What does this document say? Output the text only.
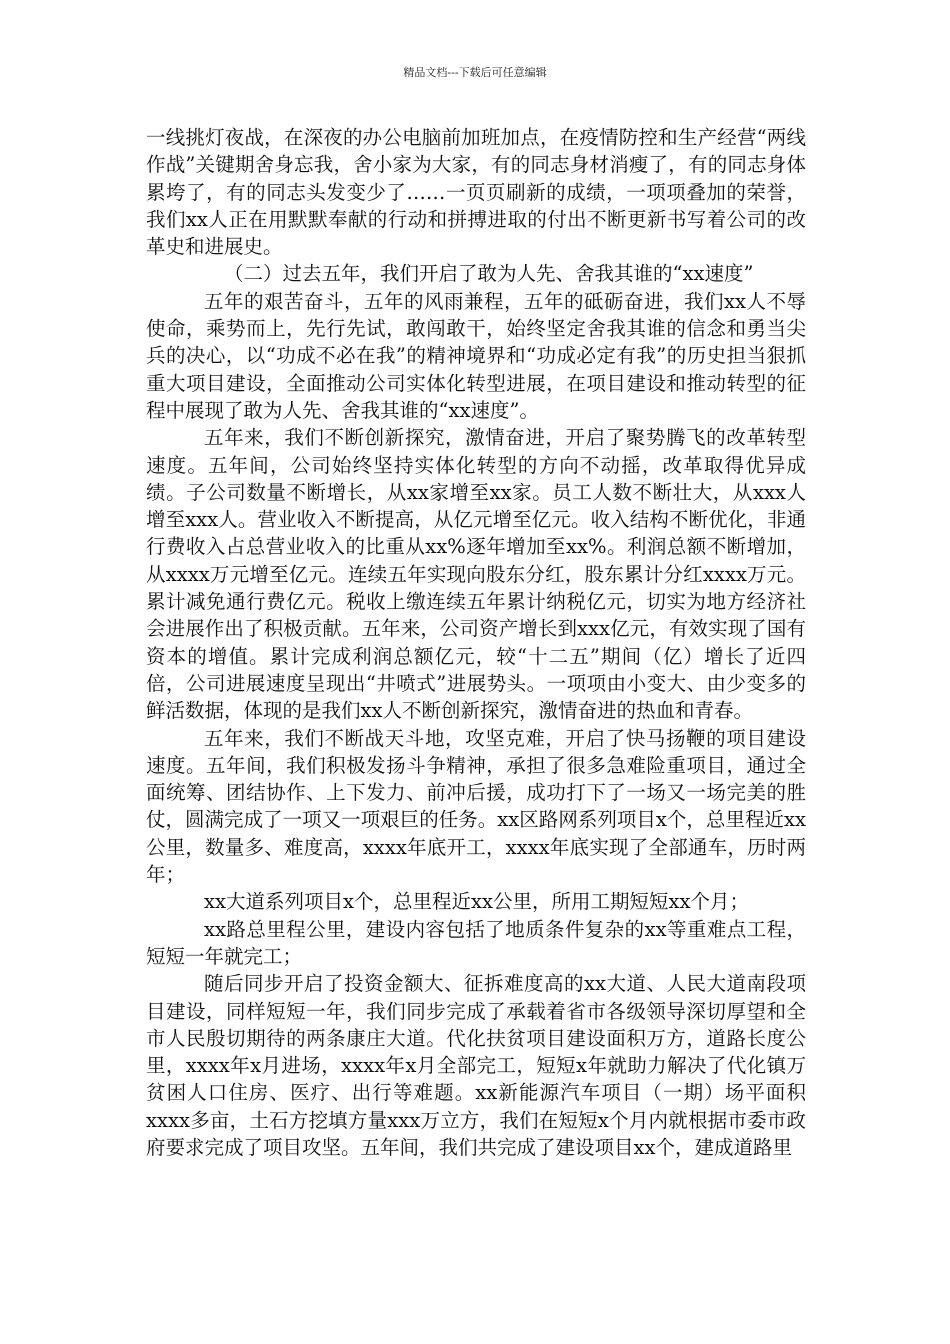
精品文档---下载后可任意编辑

一线挑灯夜战，在深夜的办公电脑前加班加点，在疫情防控和生产经营“两线作战”关键期舍身忘我，舍小家为大家，有的同志身材消瘦了，有的同志身体累垮了，有的同志头发变少了……一页页刷新的成绩，一项项叠加的荣誉，我们xx人正在用默默奉献的行动和拼搏进取的付出不断更新书写着公司的改革史和进展史。

（二）过去五年，我们开启了敢为人先、舍我其谁的“xx速度”

五年的艰苦奋斗，五年的风雨兼程，五年的砥砺奋进，我们xx人不辱使命，乘势而上，先行先试，敢闯敢干，始终坚定舍我其谁的信念和勇当尖兵的决心，以“功成不必在我”的精神境界和“功成必定有我”的历史担当狠抓重大项目建设，全面推动公司实体化转型进展，在项目建设和推动转型的征程中展现了敢为人先、舍我其谁的“xx速度”。

五年来，我们不断创新探究，激情奋进，开启了聚势腾飞的改革转型速度。五年间，公司始终坚持实体化转型的方向不动摇，改革取得优异成绩。子公司数量不断增长，从xx家增至xx家。员工人数不断壮大，从xxx人增至xxx人。营业收入不断提高，从亿元增至亿元。收入结构不断优化，非通行费收入占总营业收入的比重从xx%逐年增加至xx%。利润总额不断增加，从xxxx万元增至亿元。连续五年实现向股东分红，股东累计分红xxxx万元。累计减免通行费亿元。税收上缴连续五年累计纳税亿元，切实为地方经济社会进展作出了积极贡献。五年来，公司资产增长到xxx亿元，有效实现了国有资本的增值。累计完成利润总额亿元，较“十二五”期间（亿）增长了近四倍，公司进展速度呈现出“井喷式”进展势头。一项项由小变大、由少变多的鲜活数据，体现的是我们xx人不断创新探究，激情奋进的热血和青春。

五年来，我们不断战天斗地，攻坚克难，开启了快马扬鞭的项目建设速度。五年间，我们积极发扬斗争精神，承担了很多急难险重项目，通过全面统筹、团结协作、上下发力、前冲后援，成功打下了一场又一场完美的胜仗，圆满完成了一项又一项艰巨的任务。xx区路网系列项目x个，总里程近xx公里，数量多、难度高，xxxx年底开工，xxxx年底实现了全部通车，历时两年；

xx大道系列项目x个，总里程近xx公里，所用工期短短xx个月；

xx路总里程公里，建设内容包括了地质条件复杂的xx等重难点工程，短短一年就完工；

随后同步开启了投资金额大、征拆难度高的xx大道、人民大道南段项目建设，同样短短一年，我们同步完成了承载着省市各级领导深切厚望和全市人民殷切期待的两条康庄大道。代化扶贫项目建设面积万方，道路长度公里，xxxx年x月进场，xxxx年x月全部完工，短短x年就助力解决了代化镇万贫困人口住房、医疗、出行等难题。xx新能源汽车项目（一期）场平面积xxxx多亩，土石方挖填方量xxx万立方，我们在短短x个月内就根据市委市政府要求完成了项目攻坚。五年间，我们共完成了建设项目xx个，建成道路里
